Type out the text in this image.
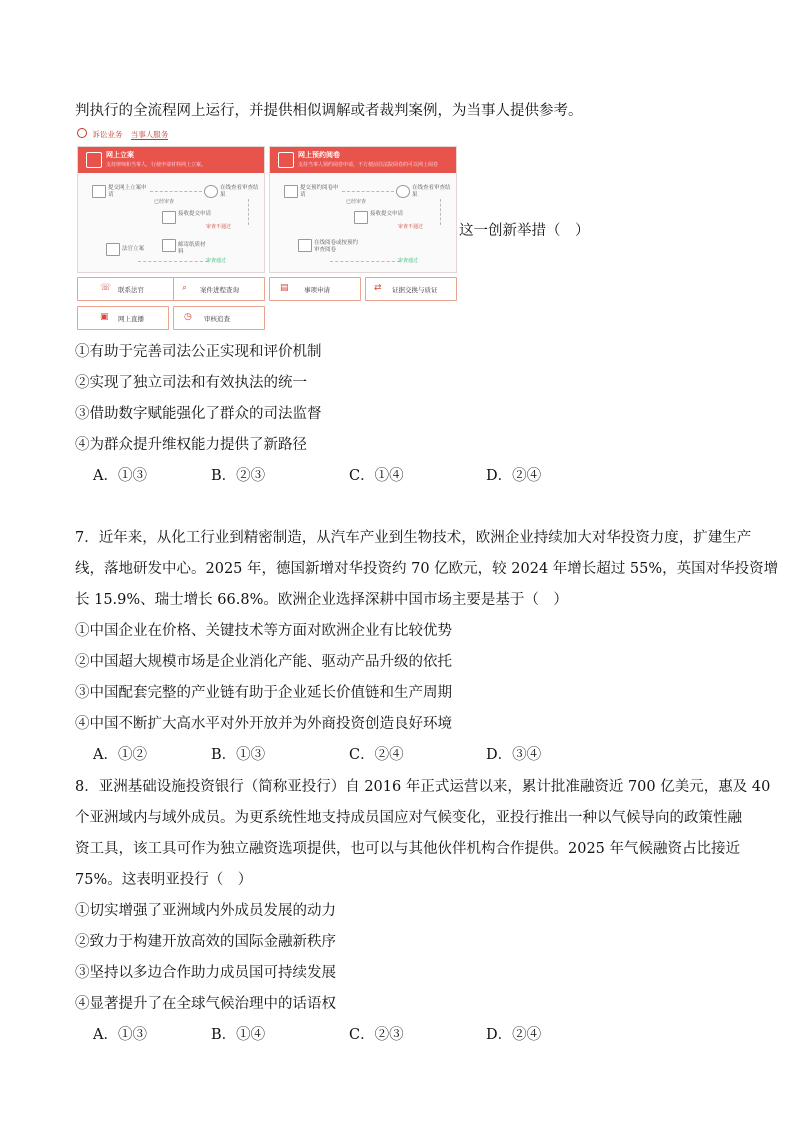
判执行的全流程网上运行，并提供相似调解或者裁判案例，为当事人提供参考。
诉讼业务 当事人服务
网上立案
支持律师和当事人，行使申请材料网上立案。
提交网上立案申请
在线查看审查结果
已经审查
接收提交申请
审查不通过
法官立案
邮寄纸质材料
审查通过
网上预约阅卷
支持当事人预约阅卷申请，不方便前往法院阅卷的可以网上阅卷
提交预约阅卷申请
在线查看审查结果
已经审查
接收提交申请
审查不通过
在线阅卷或按预约审查阅卷
审查通过
☏ 联系法官	⌕ 案件进程查询	▤ 事项申请	⇄ 证据交换与质证
▣ 网上直播	◷ 审核追查
这一创新举措（　）
①有助于完善司法公正实现和评价机制
②实现了独立司法和有效执法的统一
③借助数字赋能强化了群众的司法监督
④为群众提升维权能力提供了新路径
A．①③	B．②③	C．①④	D．②④
7．近年来，从化工行业到精密制造，从汽车产业到生物技术，欧洲企业持续加大对华投资力度，扩建生产
线，落地研发中心。2025 年，德国新增对华投资约 70 亿欧元，较 2024 年增长超过 55%，英国对华投资增
长 15.9%、瑞士增长 66.8%。欧洲企业选择深耕中国市场主要是基于（　）
①中国企业在价格、关键技术等方面对欧洲企业有比较优势
②中国超大规模市场是企业消化产能、驱动产品升级的依托
③中国配套完整的产业链有助于企业延长价值链和生产周期
④中国不断扩大高水平对外开放并为外商投资创造良好环境
A．①②	B．①③	C．②④	D．③④
8．亚洲基础设施投资银行（简称亚投行）自 2016 年正式运营以来，累计批准融资近 700 亿美元，惠及 40
个亚洲域内与域外成员。为更系统性地支持成员国应对气候变化，亚投行推出一种以气候导向的政策性融
资工具，该工具可作为独立融资选项提供，也可以与其他伙伴机构合作提供。2025 年气候融资占比接近
75%。这表明亚投行（　）
①切实增强了亚洲域内外成员发展的动力
②致力于构建开放高效的国际金融新秩序
③坚持以多边合作助力成员国可持续发展
④显著提升了在全球气候治理中的话语权
A．①③	B．①④	C．②③	D．②④
